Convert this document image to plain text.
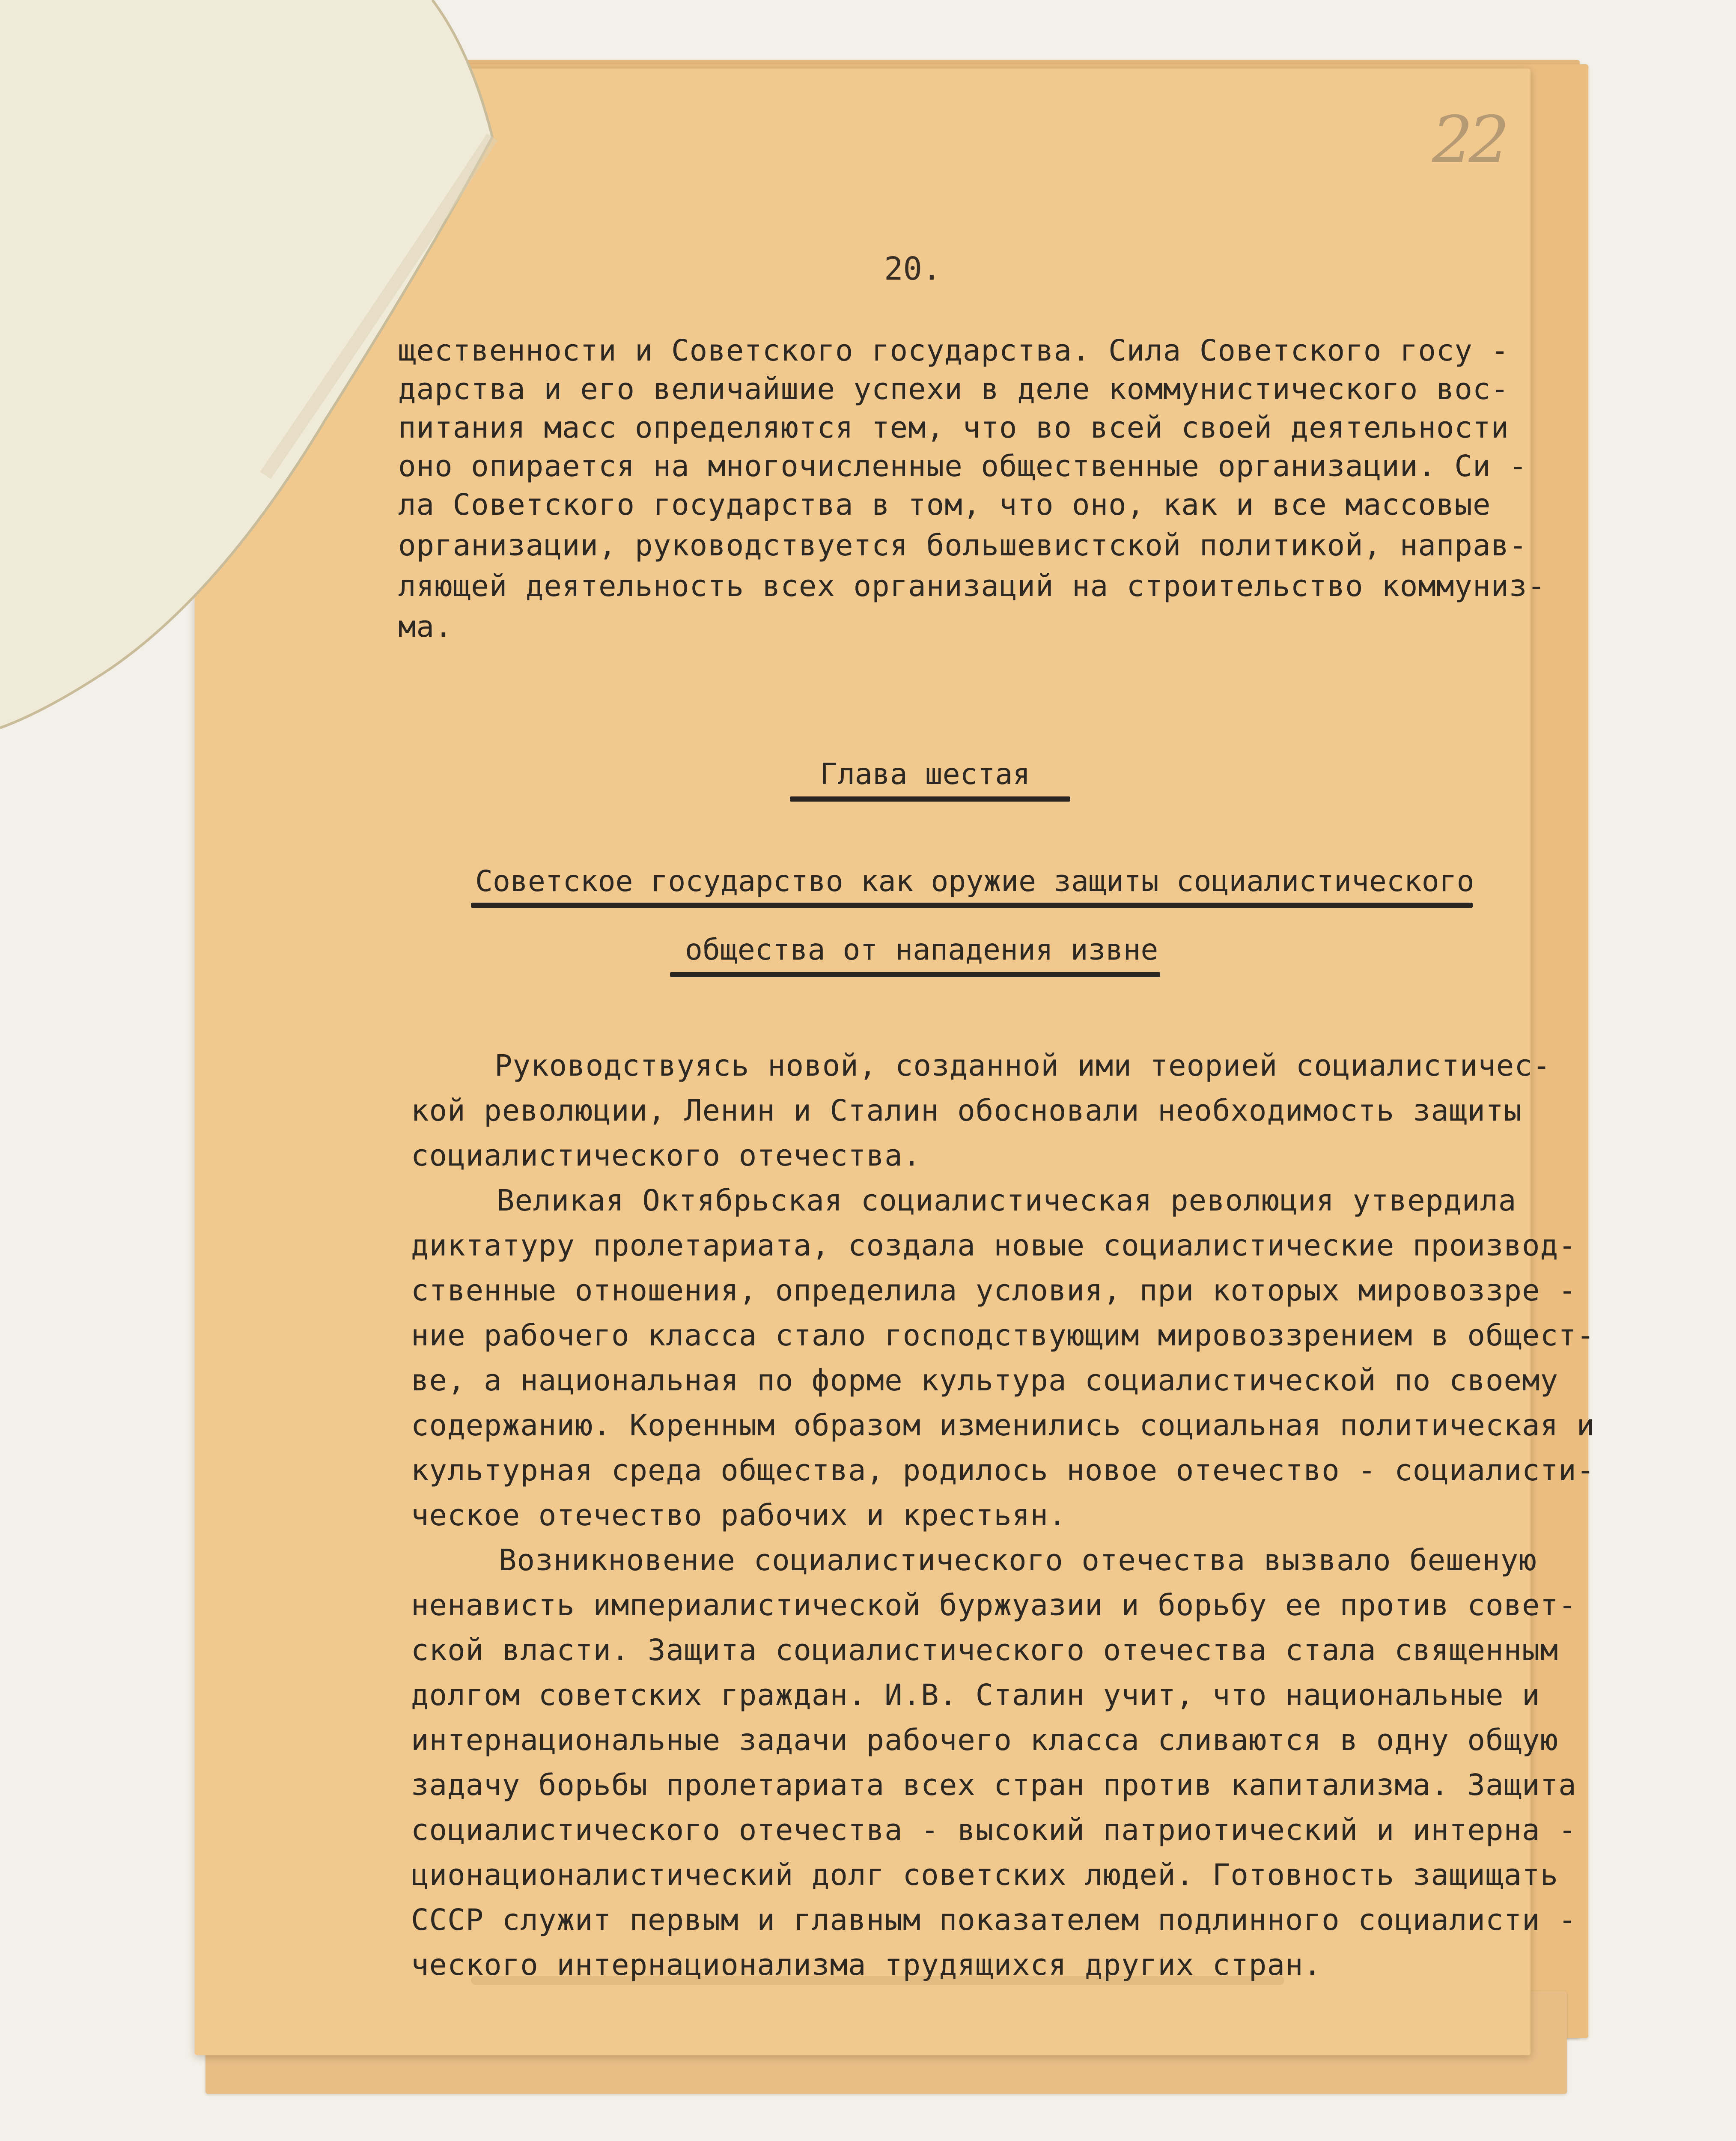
22
20.
щественности и Советского государства. Сила Советского госу -
дарства и его величайшие успехи в деле коммунистического вос-
питания масс определяются тем, что во всей своей деятельности
оно опирается на многочисленные общественные организации. Си -
ла Советского государства в том, что оно, как и все массовые
организации, руководствуется большевистской политикой, направ-
ляющей деятельность всех организаций на строительство коммуниз-
ма.
Глава шестая
Советское государство как оружие защиты социалистического
общества от нападения извне
Руководствуясь новой, созданной ими теорией социалистичес-
кой революции, Ленин и Сталин обосновали необходимость защиты
социалистического отечества.
Великая Октябрьская социалистическая революция утвердила
диктатуру пролетариата, создала новые социалистические производ-
ственные отношения, определила условия, при которых мировоззре -
ние рабочего класса стало господствующим мировоззрением в общест-
ве, а национальная по форме культура социалистической по своему
содержанию. Коренным образом изменились социальная политическая и
культурная среда общества, родилось новое отечество - социалисти-
ческое отечество рабочих и крестьян.
Возникновение социалистического отечества вызвало бешеную
ненависть империалистической буржуазии и борьбу ее против совет-
ской власти. Защита социалистического отечества стала священным
долгом советских граждан. И.В. Сталин учит, что национальные и
интернациональные задачи рабочего класса сливаются в одну общую
задачу борьбы пролетариата всех стран против капитализма. Защита
социалистического отечества - высокий патриотический и интерна -
ционационалистический долг советских людей. Готовность защищать
СССР служит первым и главным показателем подлинного социалисти -
ческого интернационализма трудящихся других стран.
